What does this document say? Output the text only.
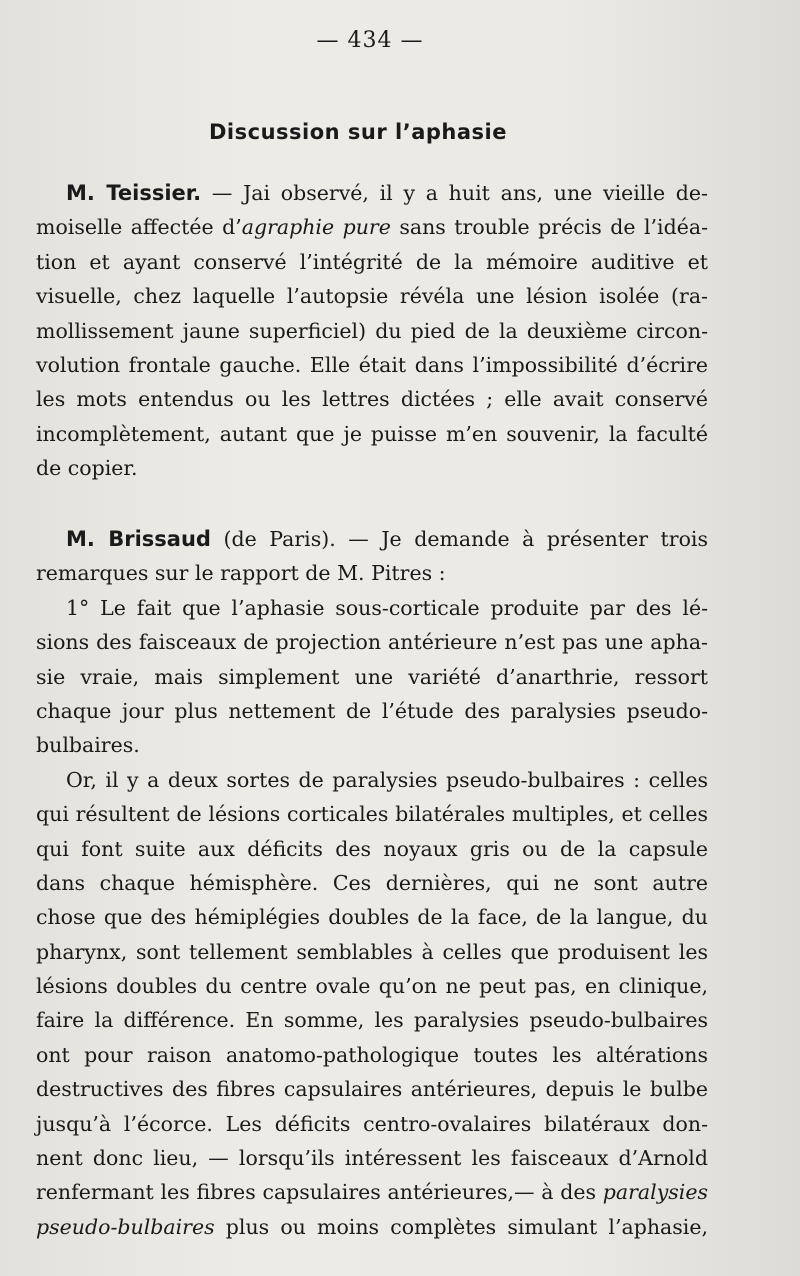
— 434 —
Discussion sur l’aphasie
M. Teissier. — Jai observé, il y a huit ans, une vieille de-
moiselle affectée d’agraphie pure sans trouble précis de l’idéa-
tion et ayant conservé l’intégrité de la mémoire auditive et
visuelle, chez laquelle l’autopsie révéla une lésion isolée (ra-
mollissement jaune superficiel) du pied de la deuxième circon-
volution frontale gauche. Elle était dans l’impossibilité d’écrire
les mots entendus ou les lettres dictées ; elle avait conservé
incomplètement, autant que je puisse m’en souvenir, la faculté
de copier.
M. Brissaud (de Paris). — Je demande à présenter trois
remarques sur le rapport de M. Pitres :
1° Le fait que l’aphasie sous-corticale produite par des lé-
sions des faisceaux de projection antérieure n’est pas une apha-
sie vraie, mais simplement une variété d’anarthrie, ressort
chaque jour plus nettement de l’étude des paralysies pseudo-
bulbaires.
Or, il y a deux sortes de paralysies pseudo-bulbaires : celles
qui résultent de lésions corticales bilatérales multiples, et celles
qui font suite aux déficits des noyaux gris ou de la capsule
dans chaque hémisphère. Ces dernières, qui ne sont autre
chose que des hémiplégies doubles de la face, de la langue, du
pharynx, sont tellement semblables à celles que produisent les
lésions doubles du centre ovale qu’on ne peut pas, en clinique,
faire la différence. En somme, les paralysies pseudo-bulbaires
ont pour raison anatomo-pathologique toutes les altérations
destructives des fibres capsulaires antérieures, depuis le bulbe
jusqu’à l’écorce. Les déficits centro-ovalaires bilatéraux don-
nent donc lieu, — lorsqu’ils intéressent les faisceaux d’Arnold
renfermant les fibres capsulaires antérieures,— à des paralysies
pseudo-bulbaires plus ou moins complètes simulant l’aphasie,
